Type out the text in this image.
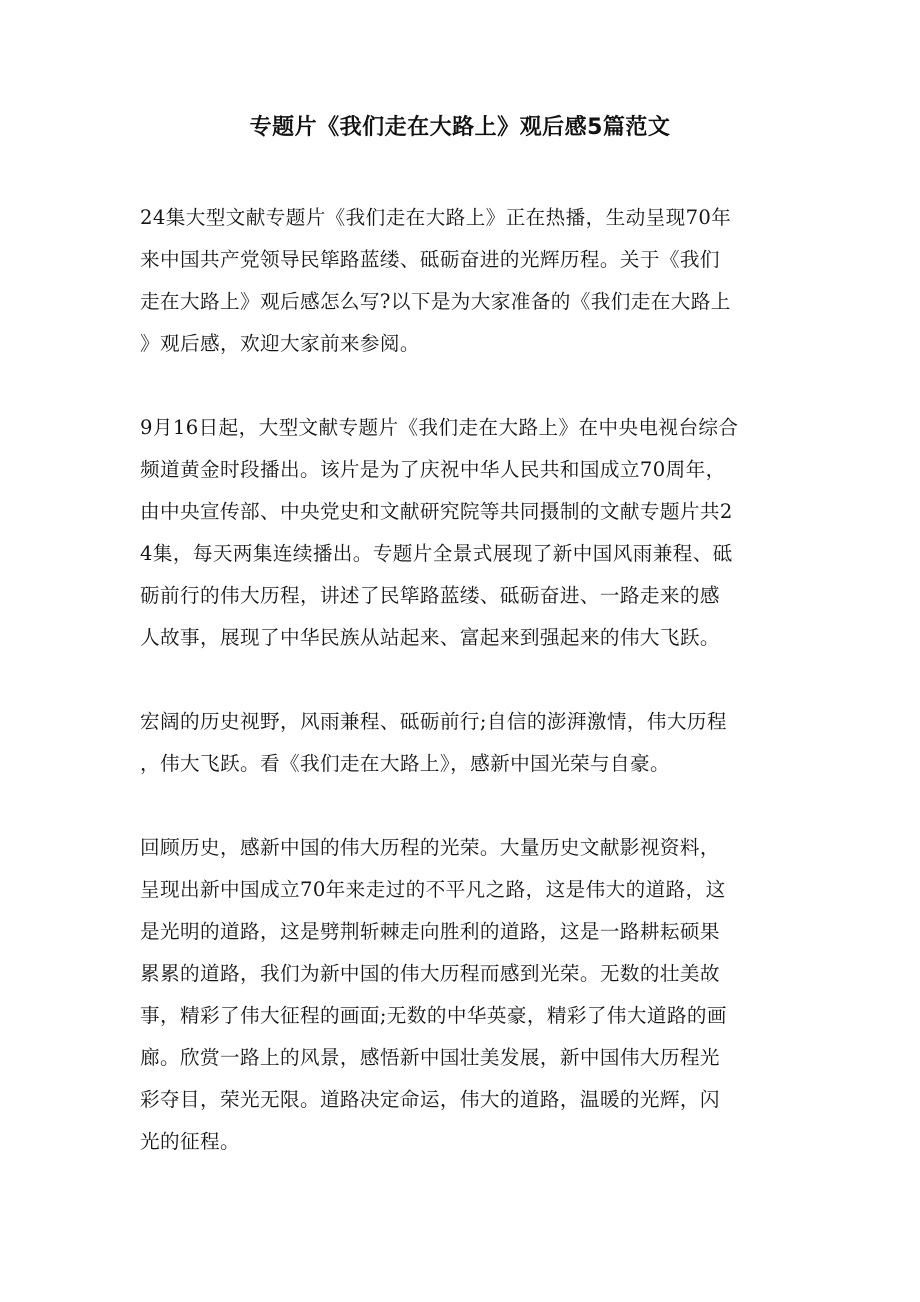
专题片《我们走在大路上》观后感5篇范文

24集大型文献专题片《我们走在大路上》正在热播，生动呈现70年
来中国共产党领导民筚路蓝缕、砥砺奋进的光辉历程。关于《我们
走在大路上》观后感怎么写?以下是为大家准备的《我们走在大路上
》观后感，欢迎大家前来参阅。

9月16日起，大型文献专题片《我们走在大路上》在中央电视台综合
频道黄金时段播出。该片是为了庆祝中华人民共和国成立70周年，
由中央宣传部、中央党史和文献研究院等共同摄制的文献专题片共2
4集，每天两集连续播出。专题片全景式展现了新中国风雨兼程、砥
砺前行的伟大历程，讲述了民筚路蓝缕、砥砺奋进、一路走来的感
人故事，展现了中华民族从站起来、富起来到强起来的伟大飞跃。

宏阔的历史视野，风雨兼程、砥砺前行;自信的澎湃激情，伟大历程
，伟大飞跃。看《我们走在大路上》，感新中国光荣与自豪。

回顾历史，感新中国的伟大历程的光荣。大量历史文献影视资料，
呈现出新中国成立70年来走过的不平凡之路，这是伟大的道路，这
是光明的道路，这是劈荆斩棘走向胜利的道路，这是一路耕耘硕果
累累的道路，我们为新中国的伟大历程而感到光荣。无数的壮美故
事，精彩了伟大征程的画面;无数的中华英豪，精彩了伟大道路的画
廊。欣赏一路上的风景，感悟新中国壮美发展，新中国伟大历程光
彩夺目，荣光无限。道路决定命运，伟大的道路，温暖的光辉，闪
光的征程。
